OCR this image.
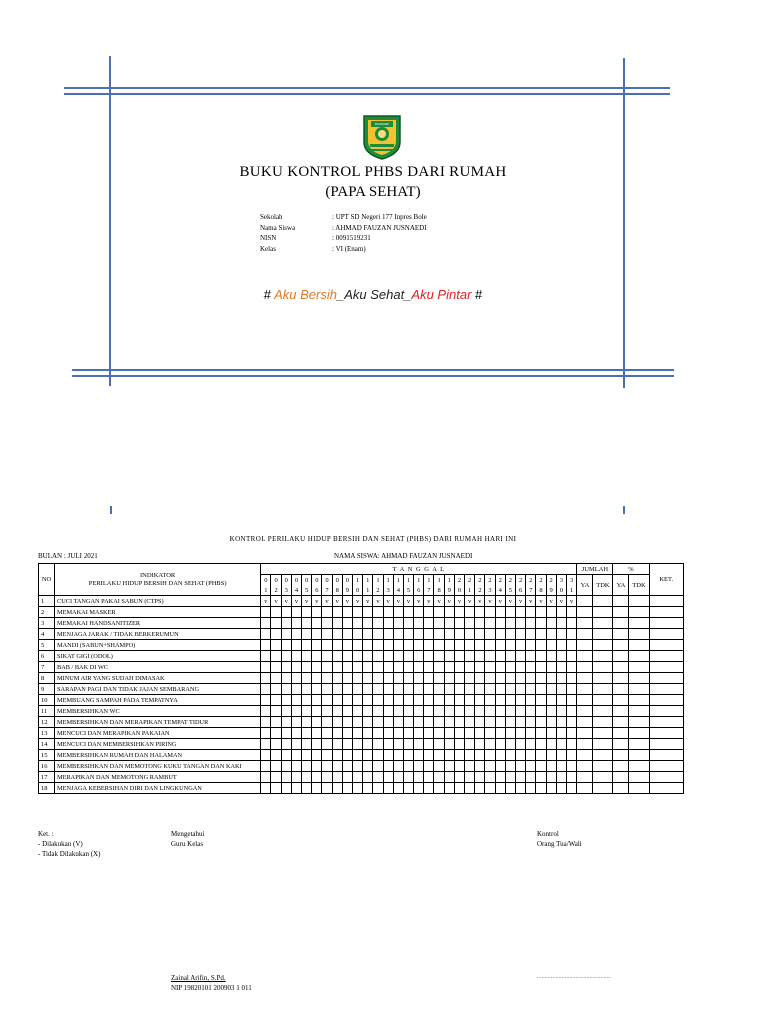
PANGKEP
BUKU KONTROL PHBS DARI RUMAH
(PAPA SEHAT)
Sekolah	: UPT SD Negeri 177 Inpres Bole
Nama Siswa	: AHMAD FAUZAN JUSNAEDI
NISN	: 0091519231
Kelas	: VI (Enam)
# Aku Bersih_Aku Sehat_Aku Pintar #
KONTROL PERILAKU HIDUP BERSIH DAN SEHAT (PHBS) DARI RUMAH HARI INI
BULAN : JULI 2021	NAMA SISWA: AHMAD FAUZAN JUSNAEDI
NO	INDIKATOR
PERILAKU HIDUP BERSIH DAN SEHAT (PHBS)	T A N G G A L																															JUMLAH		%		KET.
		0	0	0	0	0	0	0	0	0	1	1	1	1	1	1	1	1	1	1	2	2	2	2	2	2	2	2	2	2	3	3	YA	TDK	YA	TDK	
		1	2	3	4	5	6	7	8	9	0	1	2	3	4	5	6	7	8	9	0	1	2	3	4	5	6	7	8	9	0	1					
1	CUCI TANGAN PAKAI SABUN (CTPS)	v	v	v	v	v	v	v	v	v	v	v	v	v	v	v	v	v	v	v	v	v	v	v	v	v	v	v	v	v	v	v					
2	MEMAKAI MASKER																																				
3	MEMAKAI HANDSANITIZER																																				
4	MENJAGA JARAK / TIDAK BERKERUMUN																																				
5	MANDI (SABUN+SHAMPO)																																				
6	SIKAT GIGI (ODOL)																																				
7	BAB / BAK DI WC																																				
8	MINUM AIR YANG SUDAH DIMASAK																																				
9	SARAPAN PAGI DAN TIDAK JAJAN SEMBARANG																																				
10	MEMBUANG SAMPAH PADA TEMPATNYA																																				
11	MEMBERSIHKAN WC																																				
12	MEMBERSIHKAN DAN MERAPIKAN TEMPAT TIDUR																																				
13	MENCUCI DAN MERAPIKAN PAKAIAN																																				
14	MENCUCI DAN MEMBERSIHKAN PIRING																																				
15	MEMBERSIHKAN RUMAH DAN HALAMAN																																				
16	MEMBERSIHKAN DAN MEMOTONG KUKU TANGAN DAN KAKI																																				
17	MERAPIKAN DAN MEMOTONG RAMBUT																																				
18	MENJAGA KEBERSIHAN DIRI DAN LINGKUNGAN																																				
Ket. :
- Dilakukan (V)
- Tidak Dilakukan (X)
Mengetahui
Guru Kelas
Kontrol
Orang Tua/Wali
Zainal Arifin, S.Pd.
NIP 19820101 200903 1 011
................................................
